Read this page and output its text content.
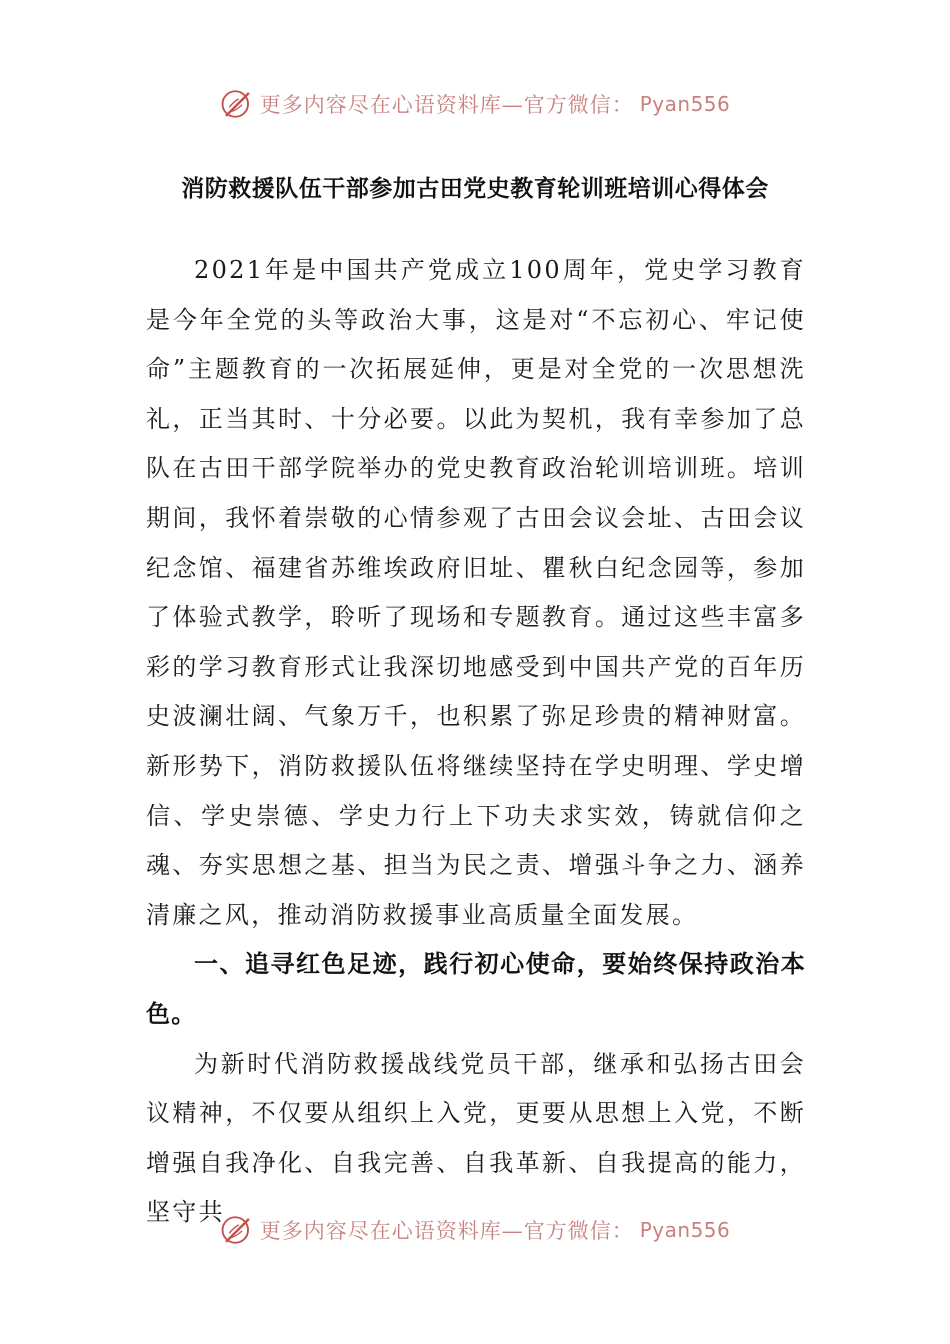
更多内容尽在心语资料库—官方微信： Pyan556
消防救援队伍干部参加古田党史教育轮训班培训心得体会

2021年是中国共产党成立100周年，党史学习教育是今年全党的头等政治大事，这是对“不忘初心、牢记使命”主题教育的一次拓展延伸，更是对全党的一次思想洗礼，正当其时、十分必要。以此为契机，我有幸参加了总队在古田干部学院举办的党史教育政治轮训培训班。培训期间，我怀着崇敬的心情参观了古田会议会址、古田会议纪念馆、福建省苏维埃政府旧址、瞿秋白纪念园等，参加了体验式教学，聆听了现场和专题教育。通过这些丰富多彩的学习教育形式让我深切地感受到中国共产党的百年历史波澜壮阔、气象万千，也积累了弥足珍贵的精神财富。新形势下，消防救援队伍将继续坚持在学史明理、学史增信、学史崇德、学史力行上下功夫求实效，铸就信仰之魂、夯实思想之基、担当为民之责、增强斗争之力、涵养清廉之风，推动消防救援事业高质量全面发展。

一、追寻红色足迹，践行初心使命，要始终保持政治本色。

为新时代消防救援战线党员干部，继承和弘扬古田会议精神，不仅要从组织上入党，更要从思想上入党，不断增强自我净化、自我完善、自我革新、自我提高的能力，坚守共

更多内容尽在心语资料库—官方微信： Pyan556
